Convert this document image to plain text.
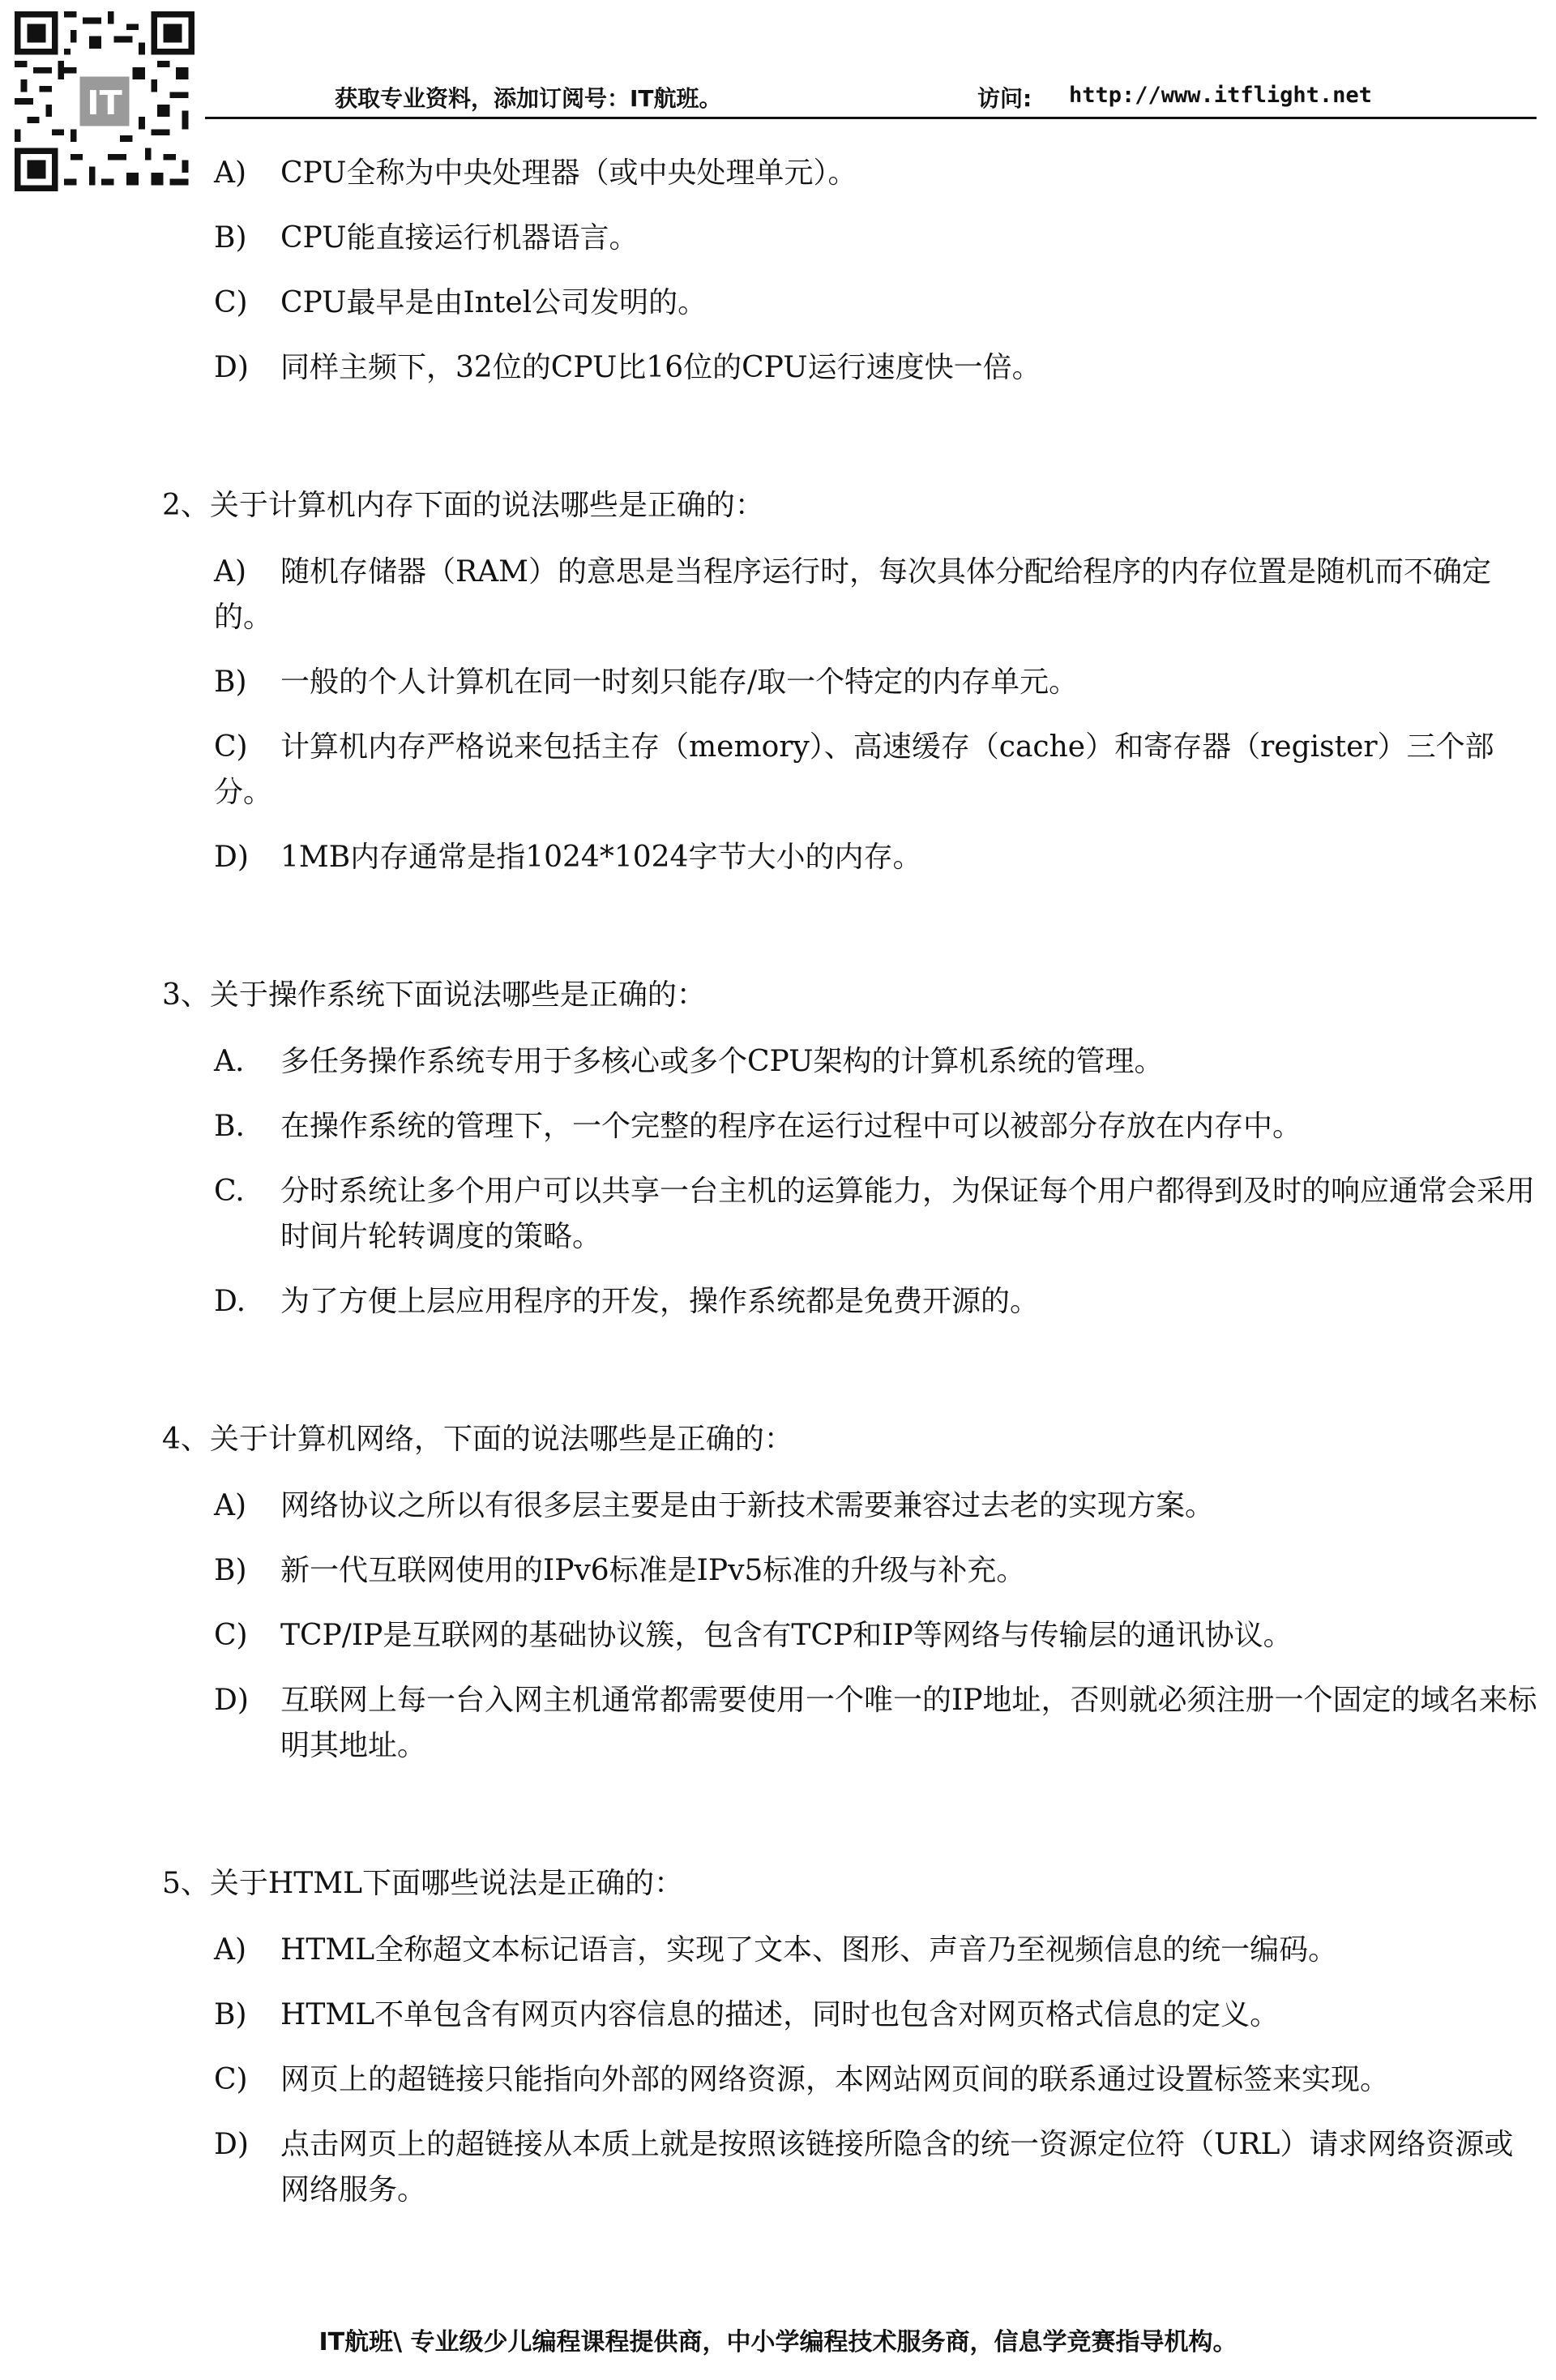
IT	获取专业资料，添加订阅号：IT航班。	访问: http://www.itflight.net
A) CPU全称为中央处理器（或中央处理单元）。
B) CPU能直接运行机器语言。
C) CPU最早是由Intel公司发明的。
D) 同样主频下，32位的CPU比16位的CPU运行速度快一倍。
2、关于计算机内存下面的说法哪些是正确的：
A) 随机存储器（RAM）的意思是当程序运行时，每次具体分配给程序的内存位置是随机而不确定的。
B) 一般的个人计算机在同一时刻只能存/取一个特定的内存单元。
C) 计算机内存严格说来包括主存（memory）、高速缓存（cache）和寄存器（register）三个部分。
D) 1MB内存通常是指1024*1024字节大小的内存。
3、关于操作系统下面说法哪些是正确的：
A.	多任务操作系统专用于多核心或多个CPU架构的计算机系统的管理。
B.	在操作系统的管理下，一个完整的程序在运行过程中可以被部分存放在内存中。
C.	分时系统让多个用户可以共享一台主机的运算能力，为保证每个用户都得到及时的响应通常会采用时间片轮转调度的策略。
D.	为了方便上层应用程序的开发，操作系统都是免费开源的。
4、关于计算机网络，下面的说法哪些是正确的：
A)	网络协议之所以有很多层主要是由于新技术需要兼容过去老的实现方案。
B)	新一代互联网使用的IPv6标准是IPv5标准的升级与补充。
C)	TCP/IP是互联网的基础协议簇，包含有TCP和IP等网络与传输层的通讯协议。
D)	互联网上每一台入网主机通常都需要使用一个唯一的IP地址，否则就必须注册一个固定的域名来标明其地址。
5、关于HTML下面哪些说法是正确的：
A)	HTML全称超文本标记语言，实现了文本、图形、声音乃至视频信息的统一编码。
B)	HTML不单包含有网页内容信息的描述，同时也包含对网页格式信息的定义。
C)	网页上的超链接只能指向外部的网络资源，本网站网页间的联系通过设置标签来实现。
D)	点击网页上的超链接从本质上就是按照该链接所隐含的统一资源定位符（URL）请求网络资源或网络服务。
IT航班\ 专业级少儿编程课程提供商，中小学编程技术服务商，信息学竞赛指导机构。
